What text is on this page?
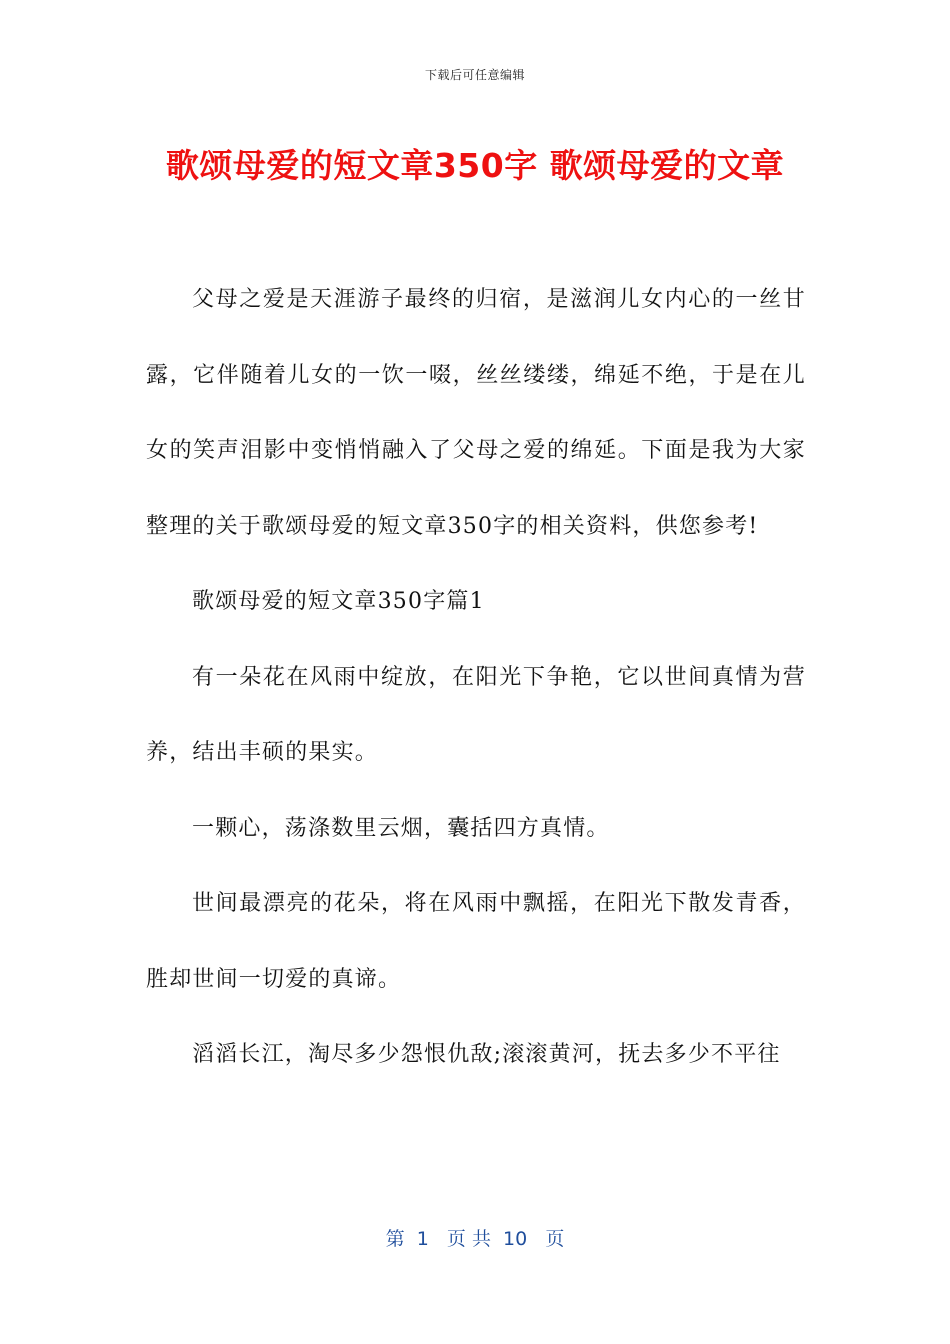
下载后可任意编辑
歌颂母爱的短文章350字 歌颂母爱的文章

父母之爱是天涯游子最终的归宿，是滋润儿女内心的一丝甘露，它伴随着儿女的一饮一啜，丝丝缕缕，绵延不绝，于是在儿女的笑声泪影中变悄悄融入了父母之爱的绵延。下面是我为大家整理的关于歌颂母爱的短文章350字的相关资料，供您参考!

歌颂母爱的短文章350字篇1

有一朵花在风雨中绽放，在阳光下争艳，它以世间真情为营养，结出丰硕的果实。

一颗心，荡涤数里云烟，囊括四方真情。

世间最漂亮的花朵，将在风雨中飘摇，在阳光下散发青香，胜却世间一切爱的真谛。

滔滔长江，淘尽多少怨恨仇敌;滚滚黄河，抚去多少不平往

第  1   页 共  10   页
